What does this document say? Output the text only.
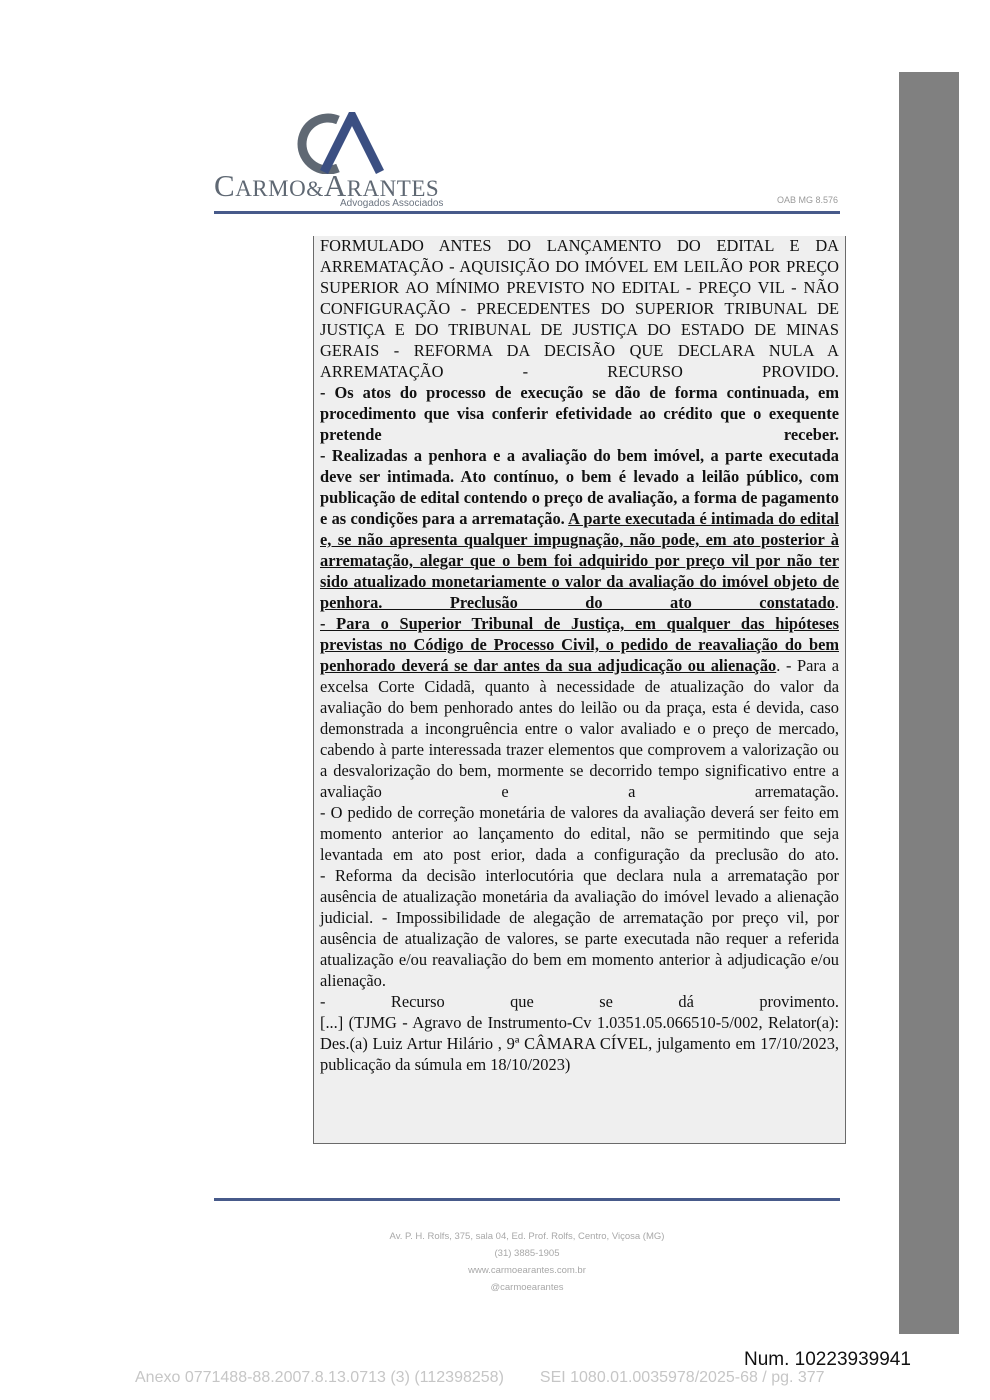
CARMO&ARANTES
Advogados Associados	OAB MG 8.576

FORMULADO ANTES DO LANÇAMENTO DO EDITAL E DA ARREMATAÇÃO - AQUISIÇÃO DO IMÓVEL EM LEILÃO POR PREÇO SUPERIOR AO MÍNIMO PREVISTO NO EDITAL - PREÇO VIL - NÃO CONFIGURAÇÃO - PRECEDENTES DO SUPERIOR TRIBUNAL DE JUSTIÇA E DO TRIBUNAL DE JUSTIÇA DO ESTADO DE MINAS GERAIS - REFORMA DA DECISÃO QUE DECLARA NULA A ARREMATAÇÃO - RECURSO PROVIDO.

- Os atos do processo de execução se dão de forma continuada, em procedimento que visa conferir efetividade ao crédito que o exequente pretende receber.

- Realizadas a penhora e a avaliação do bem imóvel, a parte executada deve ser intimada. Ato contínuo, o bem é levado a leilão público, com publicação de edital contendo o preço de avaliação, a forma de pagamento e as condições para a arrematação. A parte executada é intimada do edital e, se não apresenta qualquer impugnação, não pode, em ato posterior à arrematação, alegar que o bem foi adquirido por preço vil por não ter sido atualizado monetariamente o valor da avaliação do imóvel objeto de penhora. Preclusão do ato constatado.

- Para o Superior Tribunal de Justiça, em qualquer das hipóteses previstas no Código de Processo Civil, o pedido de reavaliação do bem penhorado deverá se dar antes da sua adjudicação ou alienação. - Para a excelsa Corte Cidadã, quanto à necessidade de atualização do valor da avaliação do bem penhorado antes do leilão ou da praça, esta é devida, caso demonstrada a incongruência entre o valor avaliado e o preço de mercado, cabendo à parte interessada trazer elementos que comprovem a valorização ou a desvalorização do bem, mormente se decorrido tempo significativo entre a avaliação e a arrematação.

- O pedido de correção monetária de valores da avaliação deverá ser feito em momento anterior ao lançamento do edital, não se permitindo que seja levantada em ato post erior, dada a configuração da preclusão do ato.

- Reforma da decisão interlocutória que declara nula a arrematação por ausência de atualização monetária da avaliação do imóvel levado a alienação judicial. - Impossibilidade de alegação de arrematação por preço vil, por ausência de atualização de valores, se parte executada não requer a referida atualização e/ou reavaliação do bem em momento anterior à adjudicação e/ou alienação.

- Recurso que se dá provimento.

[...] (TJMG - Agravo de Instrumento-Cv 1.0351.05.066510-5/002, Relator(a): Des.(a) Luiz Artur Hilário , 9ª CÂMARA CÍVEL, julgamento em 17/10/2023, publicação da súmula em 18/10/2023)

Av. P. H. Rolfs, 375, sala 04, Ed. Prof. Rolfs, Centro, Viçosa (MG)
(31) 3885-1905
www.carmoearantes.com.br
@carmoearantes
Num. 10223939941
Anexo 0771488-88.2007.8.13.0713 (3) (112398258) SEI 1080.01.0035978/2025-68 / pg. 377
